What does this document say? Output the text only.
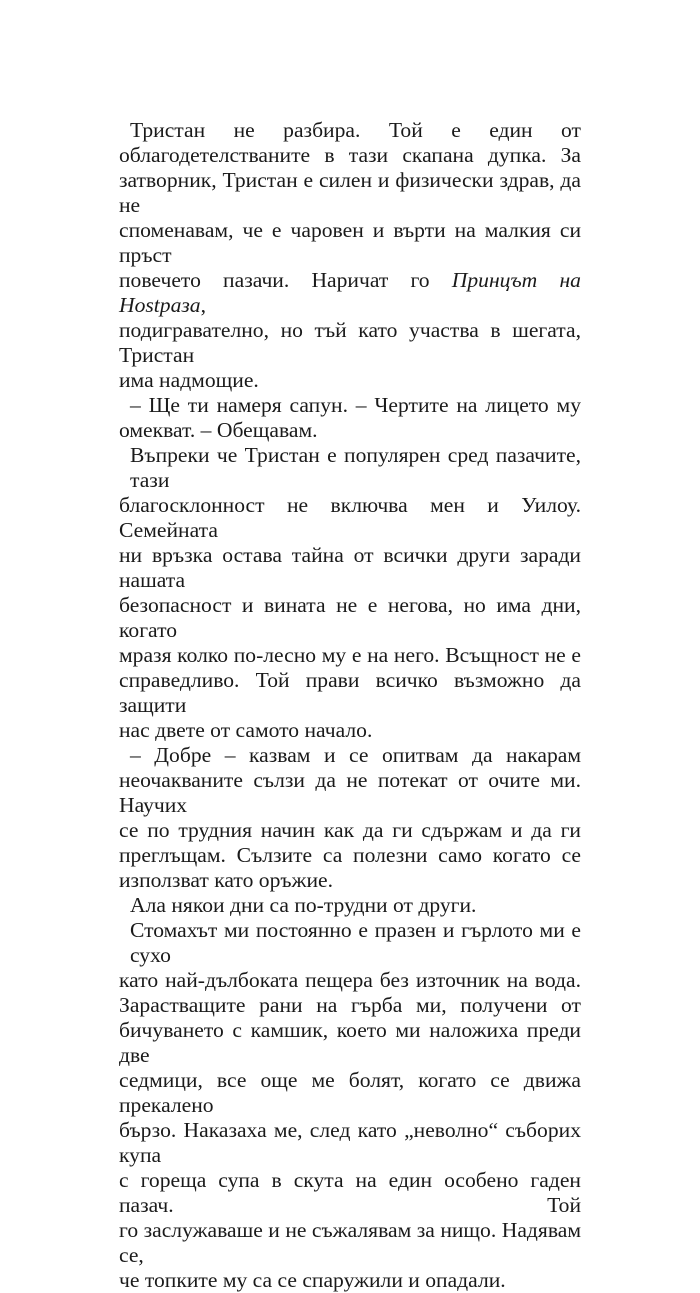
Тристан не разбира. Той е един от
облагодетелстваните в тази скапана дупка. За
затворник, Тристан е силен и физически здрав, да не
споменавам, че е чаровен и върти на малкия си пръст
повечето пазачи. Наричат го Принцът на Нostраза,
подигравателно, но тъй като участва в шегата, Тристан
има надмощие.
– Ще ти намеря сапун. – Чертите на лицето му
омекват. – Обещавам.
Въпреки че Тристан е популярен сред пазачите, тази
благосклонност не включва мен и Уилоу. Семейната
ни връзка остава тайна от всички други заради нашата
безопасност и вината не е негова, но има дни, когато
мразя колко по-лесно му е на него. Всъщност не е
справедливо. Той прави всичко възможно да защити
нас двете от самото начало.
– Добре – казвам и се опитвам да накарам
неочакваните сълзи да не потекат от очите ми. Научих
се по трудния начин как да ги сдържам и да ги
преглъщам. Сълзите са полезни само когато се
използват като оръжие.
Ала някои дни са по-трудни от други.
Стомахът ми постоянно е празен и гърлото ми е сухо
като най-дълбоката пещера без източник на вода.
Зарастващите рани на гърба ми, получени от
бичуването с камшик, което ми наложиха преди две
седмици, все още ме болят, когато се движа прекалено
бързо. Наказаха ме, след като „неволно“ съборих купа
с гореща супа в скута на един особено гаден пазач. Той
го заслужаваше и не съжалявам за нищо. Надявам се,
че топките му са се спаружили и опадали.
